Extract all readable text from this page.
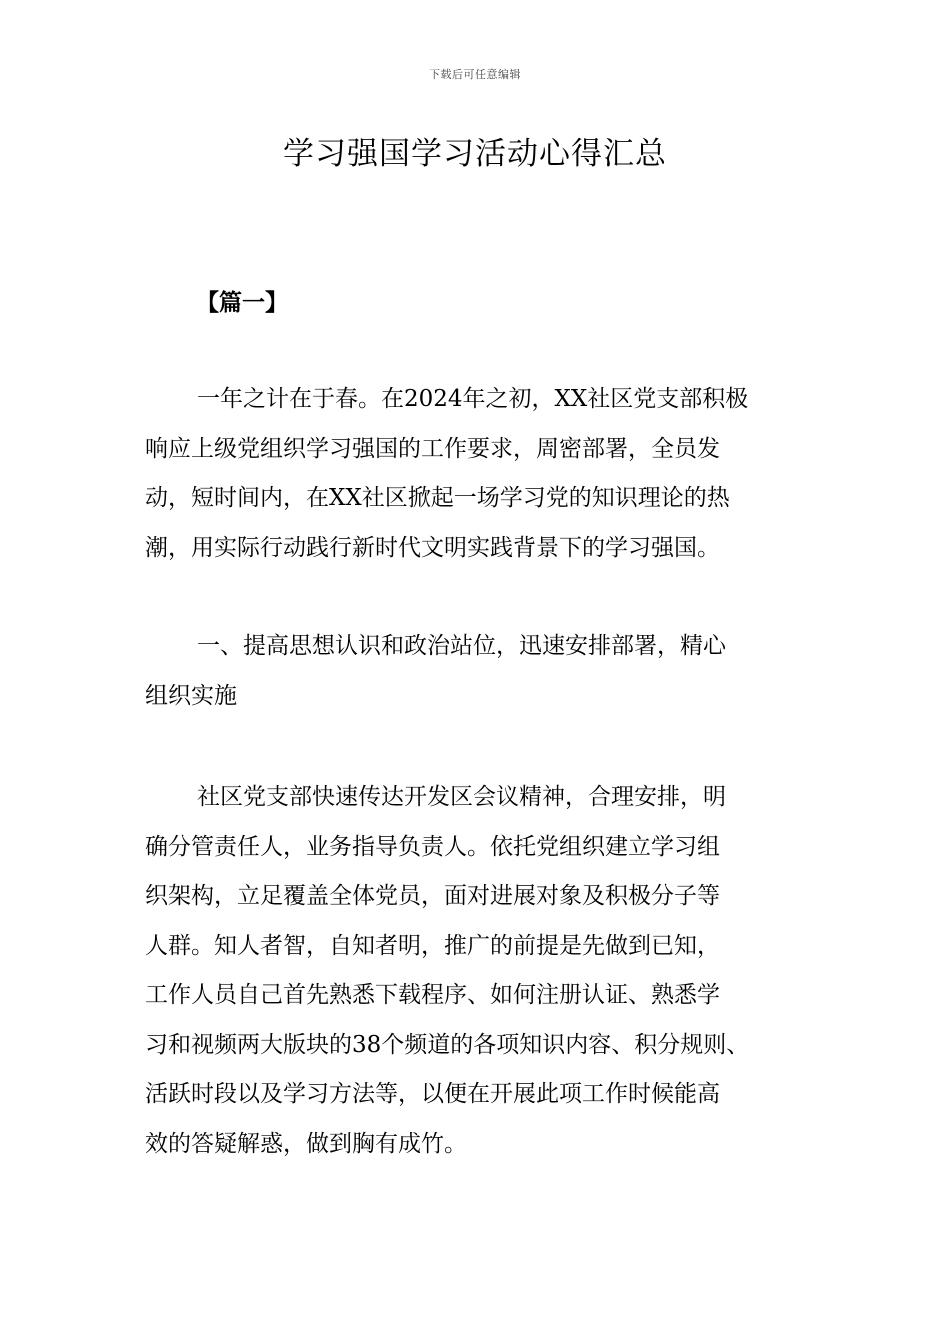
下载后可任意编辑
学习强国学习活动心得汇总
【篇一】

一年之计在于春。在2024年之初，XX社区党支部积极
响应上级党组织学习强国的工作要求，周密部署，全员发
动，短时间内，在XX社区掀起一场学习党的知识理论的热
潮，用实际行动践行新时代文明实践背景下的学习强国。

一、提高思想认识和政治站位，迅速安排部署，精心
组织实施

社区党支部快速传达开发区会议精神，合理安排，明
确分管责任人，业务指导负责人。依托党组织建立学习组
织架构，立足覆盖全体党员，面对进展对象及积极分子等
人群。知人者智，自知者明，推广的前提是先做到已知，
工作人员自己首先熟悉下载程序、如何注册认证、熟悉学
习和视频两大版块的38个频道的各项知识内容、积分规则、
活跃时段以及学习方法等，以便在开展此项工作时候能高
效的答疑解惑，做到胸有成竹。
